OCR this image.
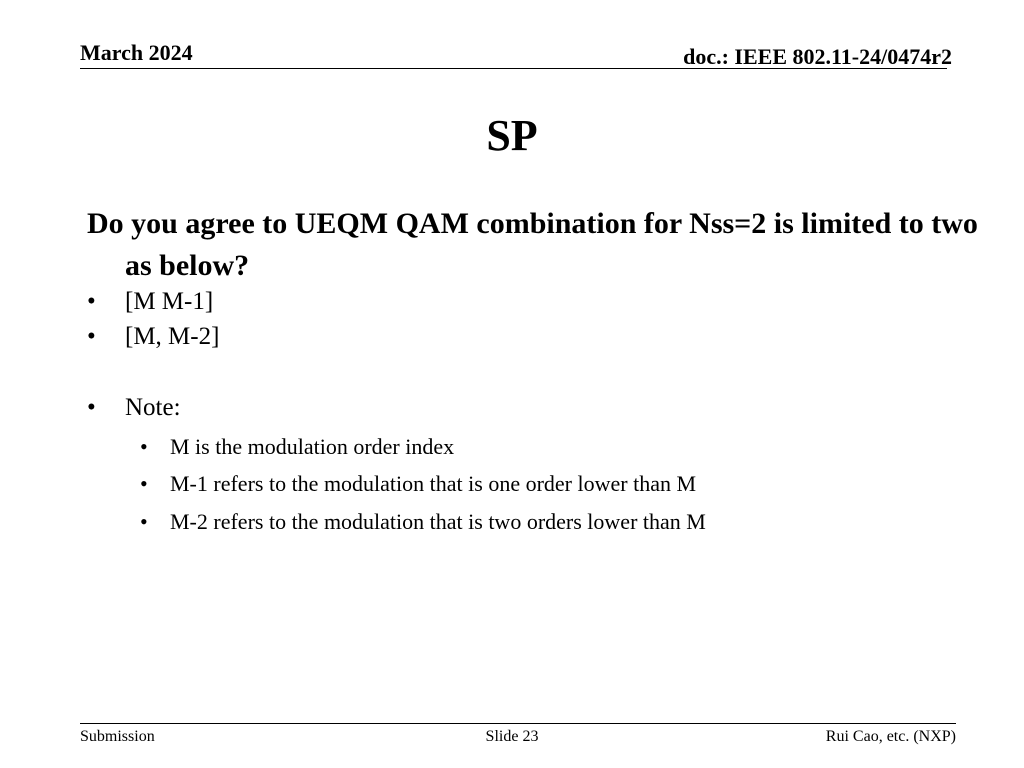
March 2024	doc.: IEEE 802.11-24/0474r2
SP
Do you agree to UEQM QAM combination for Nss=2 is limited to two as below?
•	[M M-1]
•	[M, M-2]
•	Note:
•	M is the modulation order index
•	M-1 refers to the modulation that is one order lower than M
•	M-2 refers to the modulation that is two orders lower than M
Submission	Slide 23	Rui Cao, etc. (NXP)
